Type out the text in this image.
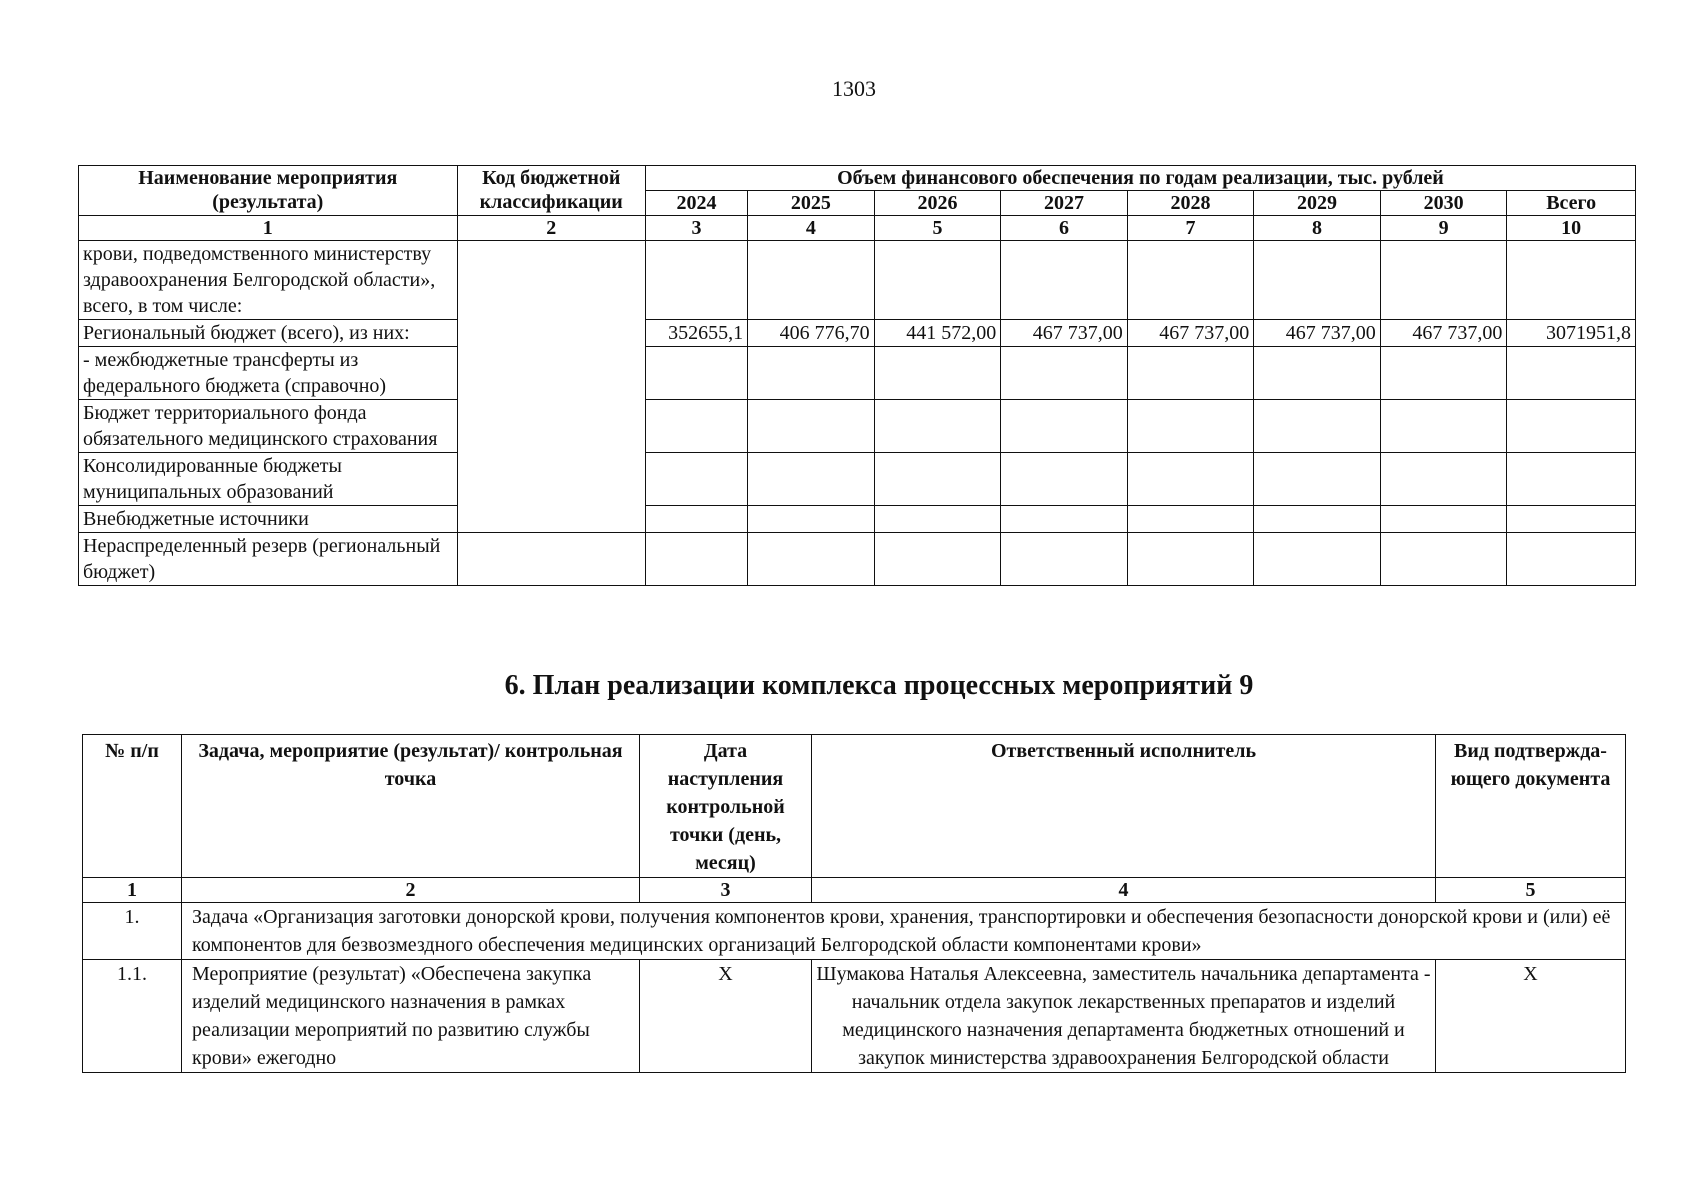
1303
Наименование мероприятия (результата)	Код бюджетной классификации	Объем финансового обеспечения по годам реализации, тыс. рублей							
		2024	2025	2026	2027	2028	2029	2030	Всего
1	2	3	4	5	6	7	8	9	10
крови, подведомственного министерству здравоохранения Белгородской области», всего, в том числе:									
Региональный бюджет (всего), из них:		352655,1	406 776,70	441 572,00	467 737,00	467 737,00	467 737,00	467 737,00	3071951,8
- межбюджетные трансферты из федерального бюджета (справочно)									
Бюджет территориального фонда обязательного медицинского страхования									
Консолидированные бюджеты муниципальных образований									
Внебюджетные источники									
Нераспределенный резерв (региональный бюджет)									
6. План реализации комплекса процессных мероприятий 9
№ п/п	Задача, мероприятие (результат)/ контрольная точка	Дата наступления контрольной точки (день, месяц)	Ответственный исполнитель	Вид подтвержда-ющего документа
1	2	3	4	5
1.	Задача «Организация заготовки донорской крови, получения компонентов крови, хранения, транспортировки и обеспечения безопасности донорской крови и (или) её компонентов для безвозмездного обеспечения медицинских организаций Белгородской области компонентами крови»			
1.1.	Мероприятие (результат) «Обеспечена закупка изделий медицинского назначения в рамках реализации мероприятий по развитию службы крови» ежегодно	X	Шумакова Наталья Алексеевна, заместитель начальника департамента - начальник отдела закупок лекарственных препаратов и изделий медицинского назначения департамента бюджетных отношений и закупок министерства здравоохранения Белгородской области	X
